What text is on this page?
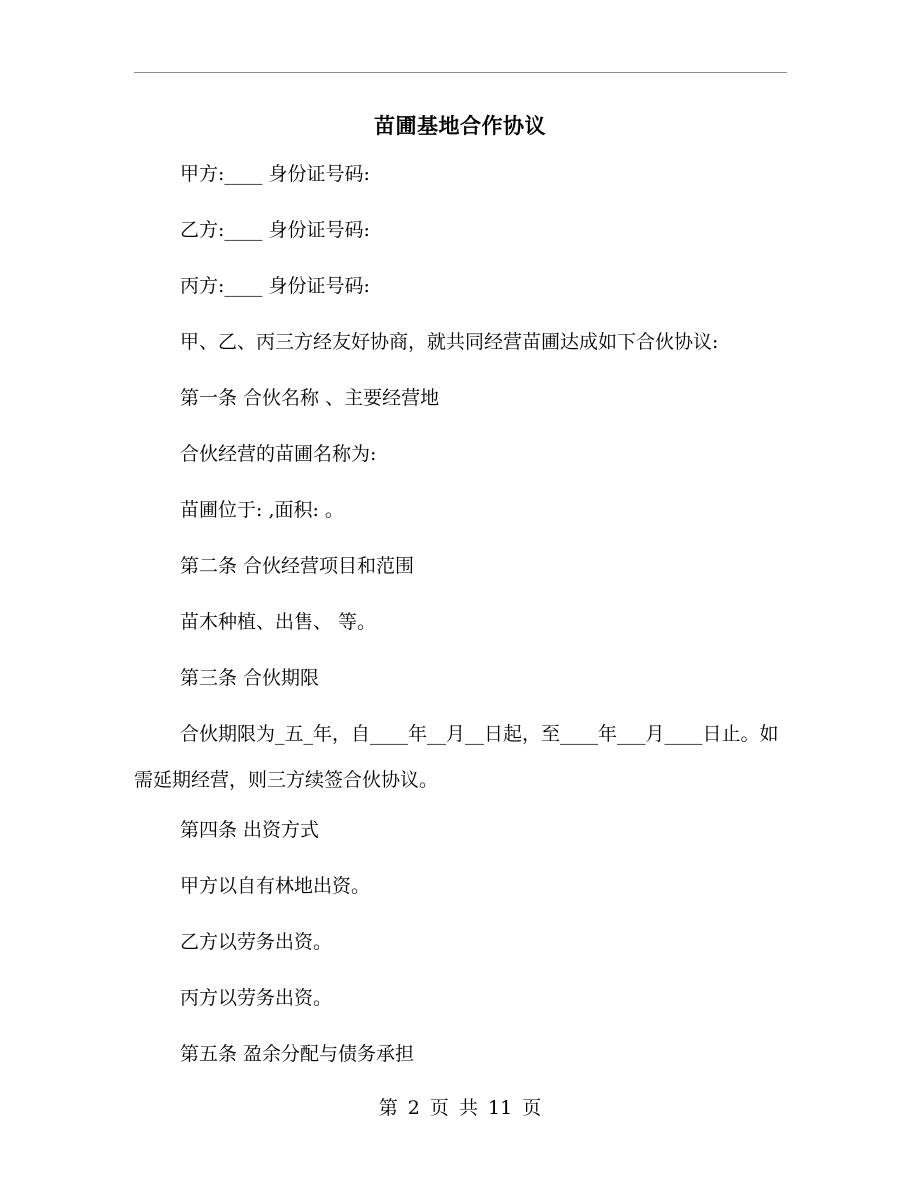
苗圃基地合作协议
甲方:____ 身份证号码:
乙方:____ 身份证号码:
丙方:____ 身份证号码:
甲、乙、丙三方经友好协商，就共同经营苗圃达成如下合伙协议:
第一条 合伙名称 、主要经营地
合伙经营的苗圃名称为:
苗圃位于: ,面积: 。
第二条 合伙经营项目和范围
苗木种植、出售、 等。
第三条 合伙期限
合伙期限为_五_年，自____年__月__日起，至____年___月____日止。如需延期经营，则三方续签合伙协议。
第四条 出资方式
甲方以自有林地出资。
乙方以劳务出资。
丙方以劳务出资。
第五条 盈余分配与债务承担
第 2 页 共 11 页
